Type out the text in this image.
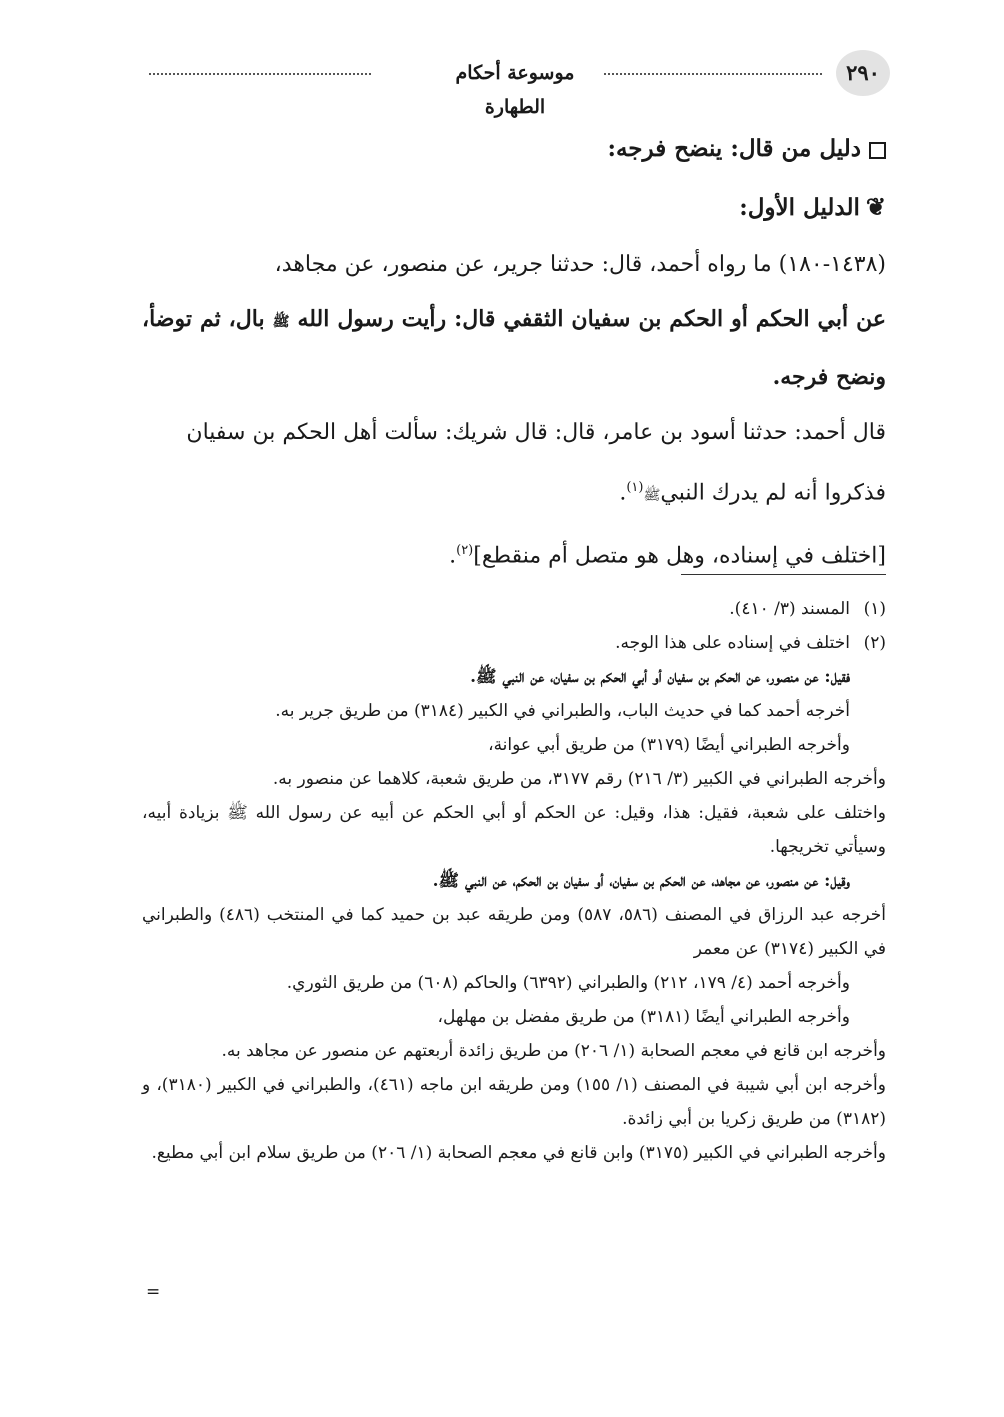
٢٩٠
موسوعة أحكام الطهارة
دليل من قال: ينضح فرجه:
❦الدليل الأول:
(١٤٣٨-١٨٠) ما رواه أحمد، قال: حدثنا جرير، عن منصور، عن مجاهد،
عن أبي الحكم أو الحكم بن سفيان الثقفي قال: رأيت رسول الله ﷺ بال، ثم توضأ، ونضح فرجه.
قال أحمد: حدثنا أسود بن عامر، قال: قال شريك: سألت أهل الحكم بن سفيان
فذكروا أنه لم يدرك النبيﷺ$^{(١)}$.
[اختلف في إسناده، وهل هو متصل أم منقطع]$^{(٢)}$.
(١)المسند (٣/ ٤١٠).
(٢)اختلف في إسناده على هذا الوجه.
فقيل: عن منصور، عن الحكم بن سفيان أو أبي الحكم بن سفيان، عن النبي ﷺ.
أخرجه أحمد كما في حديث الباب، والطبراني في الكبير (٣١٨٤) من طريق جرير به.
وأخرجه الطبراني أيضًا (٣١٧٩) من طريق أبي عوانة،
وأخرجه الطبراني في الكبير (٣/ ٢١٦) رقم ٣١٧٧، من طريق شعبة، كلاهما عن منصور به.
واختلف على شعبة، فقيل: هذا، وقيل: عن الحكم أو أبي الحكم عن أبيه عن رسول الله ﷺ بزيادة أبيه، وسيأتي تخريجها.
وقيل: عن منصور، عن مجاهد، عن الحكم بن سفيان، أو سفيان بن الحكم، عن النبي ﷺ.
أخرجه عبد الرزاق في المصنف (٥٨٦، ٥٨٧) ومن طريقه عبد بن حميد كما في المنتخب (٤٨٦) والطبراني في الكبير (٣١٧٤) عن معمر
وأخرجه أحمد (٤/ ١٧٩، ٢١٢) والطبراني (٦٣٩٢) والحاكم (٦٠٨) من طريق الثوري.
وأخرجه الطبراني أيضًا (٣١٨١) من طريق مفضل بن مهلهل،
وأخرجه ابن قانع في معجم الصحابة (١/ ٢٠٦) من طريق زائدة أربعتهم عن منصور عن مجاهد به.
وأخرجه ابن أبي شيبة في المصنف (١/ ١٥٥) ومن طريقه ابن ماجه (٤٦١)، والطبراني في الكبير (٣١٨٠)، و (٣١٨٢) من طريق زكريا بن أبي زائدة.
وأخرجه الطبراني في الكبير (٣١٧٥) وابن قانع في معجم الصحابة (١/ ٢٠٦) من طريق سلام ابن أبي مطيع.
=
